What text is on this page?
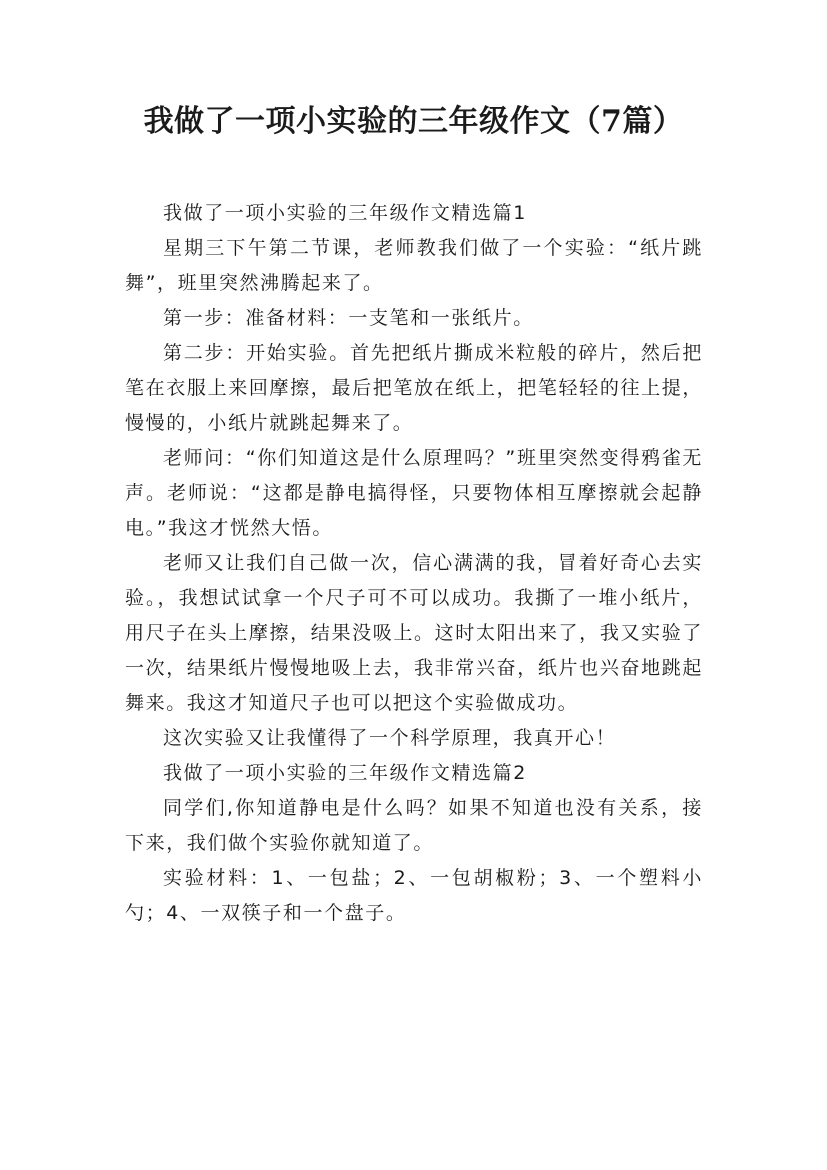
我做了一项小实验的三年级作文（7篇）

我做了一项小实验的三年级作文精选篇1

星期三下午第二节课，老师教我们做了一个实验：“纸片跳舞”，班里突然沸腾起来了。

第一步：准备材料：一支笔和一张纸片。

第二步：开始实验。首先把纸片撕成米粒般的碎片，然后把笔在衣服上来回摩擦，最后把笔放在纸上，把笔轻轻的往上提，慢慢的，小纸片就跳起舞来了。

老师问：“你们知道这是什么原理吗？”班里突然变得鸦雀无声。老师说：“这都是静电搞得怪，只要物体相互摩擦就会起静电。”我这才恍然大悟。

老师又让我们自己做一次，信心满满的我，冒着好奇心去实验。，我想试试拿一个尺子可不可以成功。我撕了一堆小纸片，用尺子在头上摩擦，结果没吸上。这时太阳出来了，我又实验了一次，结果纸片慢慢地吸上去，我非常兴奋，纸片也兴奋地跳起舞来。我这才知道尺子也可以把这个实验做成功。

这次实验又让我懂得了一个科学原理，我真开心！

我做了一项小实验的三年级作文精选篇2

同学们,你知道静电是什么吗？如果不知道也没有关系，接下来，我们做个实验你就知道了。

实验材料：1、一包盐；2、一包胡椒粉；3、一个塑料小勺；4、一双筷子和一个盘子。
